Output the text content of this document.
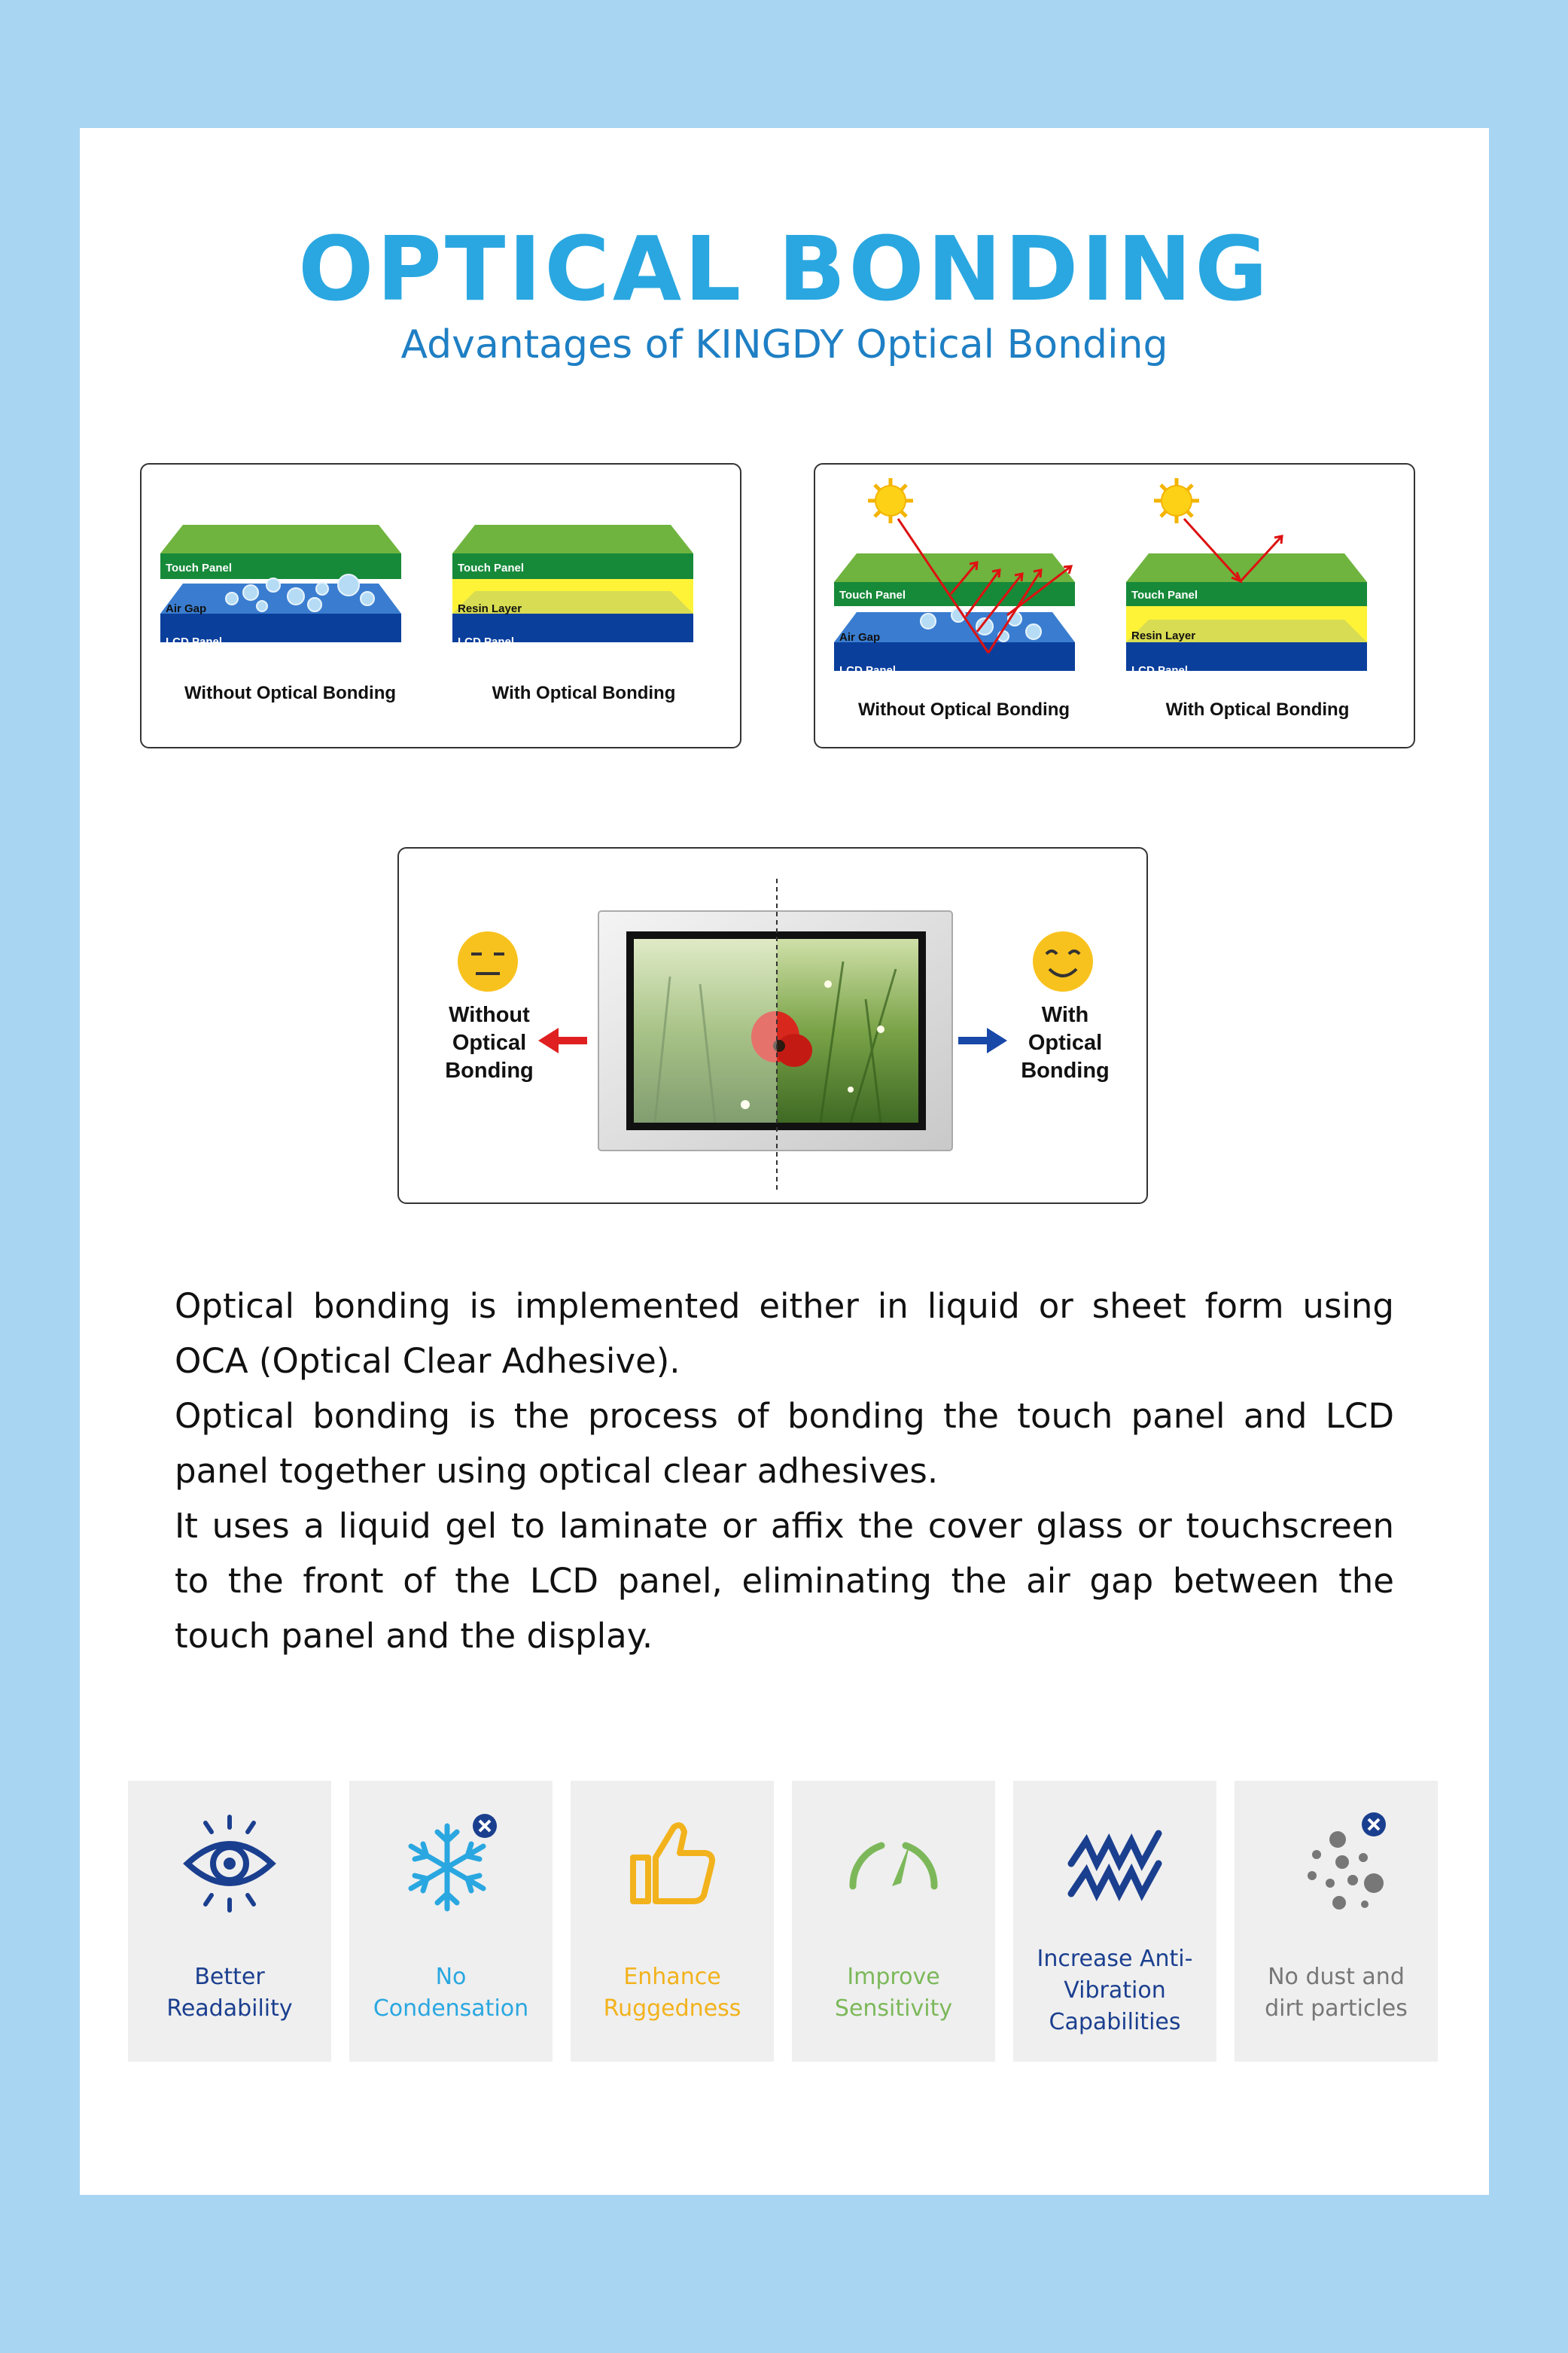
OPTICAL BONDING
Advantages of KINGDY Optical Bonding
Touch Panel
Air Gap
LCD Panel
Touch Panel
Resin Layer
LCD Panel
Without Optical Bonding	With Optical Bonding
Touch Panel
Air Gap
LCD Panel
Touch Panel
Resin Layer
LCD Panel
Without Optical Bonding	With Optical Bonding
Without
Optical
Bonding
With
Optical
Bonding

Optical bonding is implemented either in liquid or sheet form using OCA (Optical Clear Adhesive).

Optical bonding is the process of bonding the touch panel and LCD panel together using optical clear adhesives.

It uses a liquid gel to laminate or affix the cover glass or touchscreen to the front of the LCD panel, eliminating the air gap between the touch panel and the display.

Better
Readability
No
Condensation
Enhance
Ruggedness
Improve
Sensitivity
Increase Anti-
Vibration
Capabilities
No dust and
dirt particles
